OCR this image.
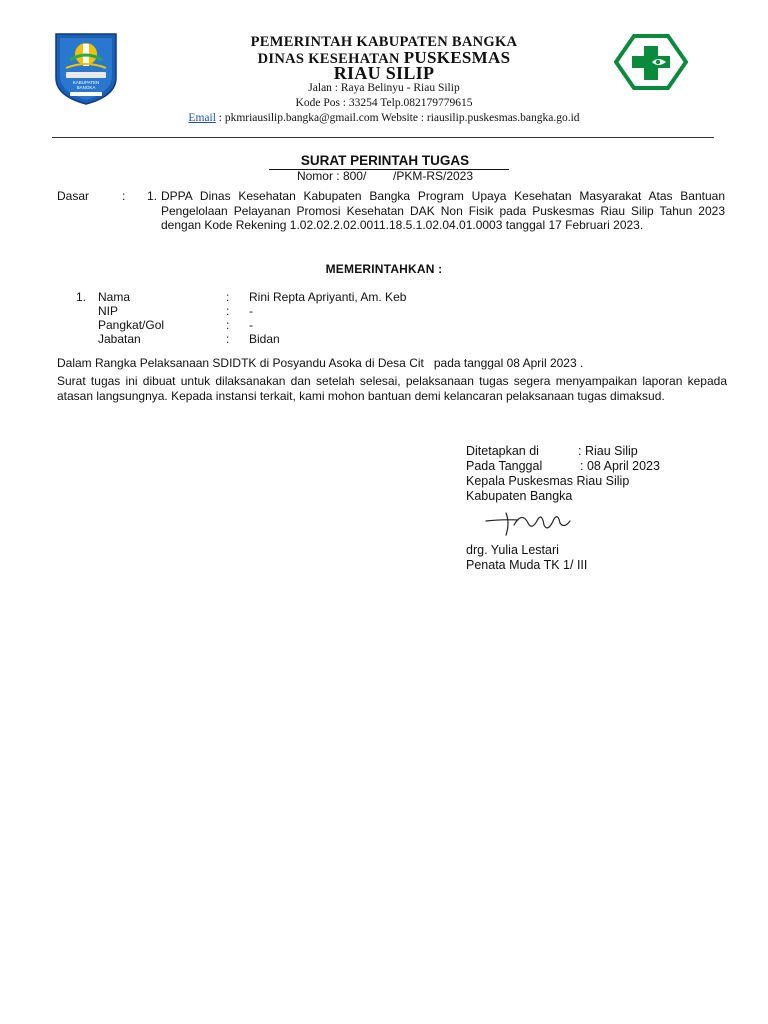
KABUPATEN
BANGKA
PEMERINTAH KABUPATEN BANGKA
DINAS KESEHATAN PUSKESMAS
RIAU SILIP
Jalan : Raya Belinyu - Riau Silip
Kode Pos : 33254 Telp.082179779615
Email : pkmriausilip.bangka@gmail.com Website : riausilip.puskesmas.bangka.go.id
SURAT PERINTAH TUGAS
Nomor : 800/        /PKM-RS/2023
Dasar	: 1. DPPA Dinas Kesehatan Kabupaten Bangka Program Upaya Kesehatan Masyarakat Atas Bantuan Pengelolaan Pelayanan Promosi Kesehatan DAK Non Fisik pada Puskesmas Riau Silip Tahun 2023 dengan Kode Rekening 1.02.02.2.02.0011.18.5.1.02.04.01.0003 tanggal 17 Februari 2023.
MEMERINTAHKAN :
1. Nama	: Rini Repta Apriyanti, Am. Keb
NIP	: -
Pangkat/Gol	: -
Jabatan	: Bidan
Dalam Rangka Pelaksanaan SDIDTK di Posyandu Asoka di Desa Cit   pada tanggal 08 April 2023 .
Surat tugas ini dibuat untuk dilaksanakan dan setelah selesai, pelaksanaan tugas segera menyampaikan laporan kepada atasan langsungnya. Kepada instansi terkait, kami mohon bantuan demi kelancaran pelaksanaan tugas dimaksud.
Ditetapkan di	: Riau Silip
Pada Tanggal	: 08 April 2023
Kepala Puskesmas Riau Silip
Kabupaten Bangka
drg. Yulia Lestari
Penata Muda TK 1/ III
